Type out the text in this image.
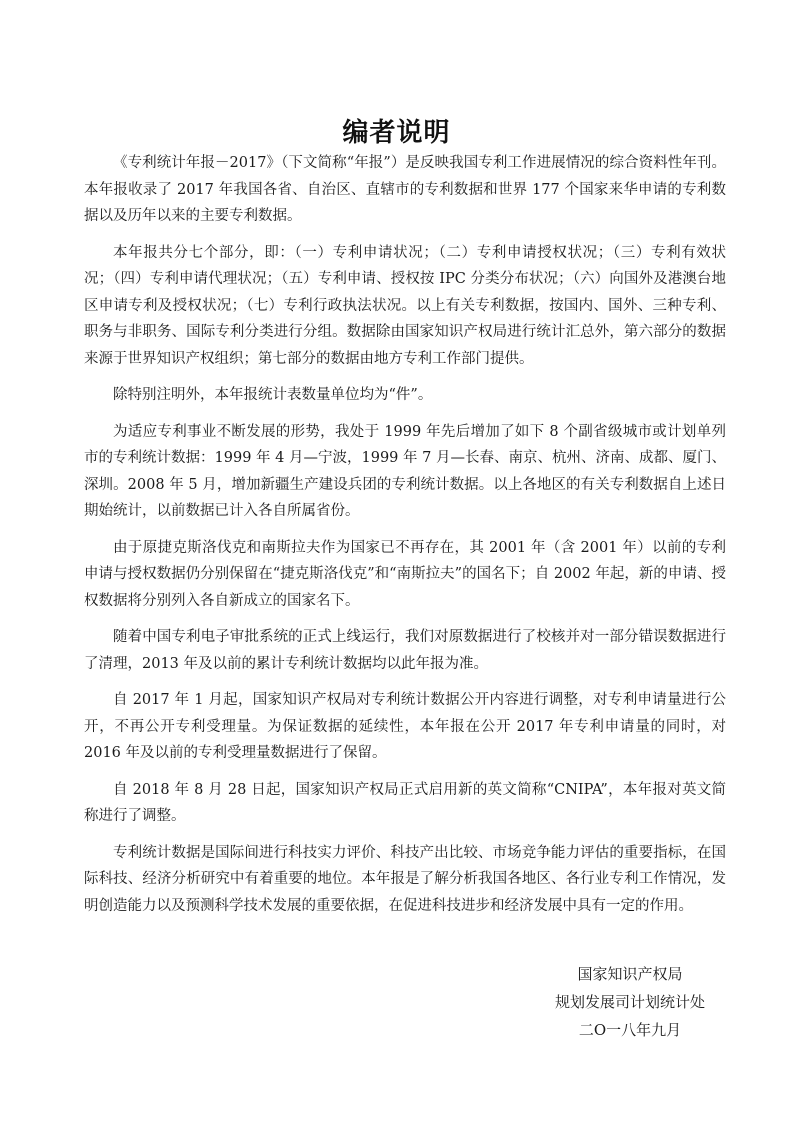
编者说明

《专利统计年报－2017》（下文简称“年报”）是反映我国专利工作进展情况的综合资料性年刊。本年报收录了 2017 年我国各省、自治区、直辖市的专利数据和世界 177 个国家来华申请的专利数据以及历年以来的主要专利数据。

本年报共分七个部分，即：（一）专利申请状况；（二）专利申请授权状况；（三）专利有效状况；（四）专利申请代理状况；（五）专利申请、授权按 IPC 分类分布状况；（六）向国外及港澳台地区申请专利及授权状况；（七）专利行政执法状况。以上有关专利数据，按国内、国外、三种专利、职务与非职务、国际专利分类进行分组。数据除由国家知识产权局进行统计汇总外，第六部分的数据来源于世界知识产权组织；第七部分的数据由地方专利工作部门提供。

除特别注明外，本年报统计表数量单位均为“件”。

为适应专利事业不断发展的形势，我处于 1999 年先后增加了如下 8 个副省级城市或计划单列市的专利统计数据：1999 年 4 月—宁波，1999 年 7 月—长春、南京、杭州、济南、成都、厦门、深圳。2008 年 5 月，增加新疆生产建设兵团的专利统计数据。以上各地区的有关专利数据自上述日期始统计，以前数据已计入各自所属省份。

由于原捷克斯洛伐克和南斯拉夫作为国家已不再存在，其 2001 年（含 2001 年）以前的专利申请与授权数据仍分别保留在“捷克斯洛伐克”和“南斯拉夫”的国名下；自 2002 年起，新的申请、授权数据将分别列入各自新成立的国家名下。

随着中国专利电子审批系统的正式上线运行，我们对原数据进行了校核并对一部分错误数据进行了清理，2013 年及以前的累计专利统计数据均以此年报为准。

自 2017 年 1 月起，国家知识产权局对专利统计数据公开内容进行调整，对专利申请量进行公开，不再公开专利受理量。为保证数据的延续性，本年报在公开 2017 年专利申请量的同时，对 2016 年及以前的专利受理量数据进行了保留。

自 2018 年 8 月 28 日起，国家知识产权局正式启用新的英文简称“CNIPA”，本年报对英文简称进行了调整。

专利统计数据是国际间进行科技实力评价、科技产出比较、市场竞争能力评估的重要指标，在国际科技、经济分析研究中有着重要的地位。本年报是了解分析我国各地区、各行业专利工作情况，发明创造能力以及预测科学技术发展的重要依据，在促进科技进步和经济发展中具有一定的作用。

国家知识产权局
规划发展司计划统计处
二O一八年九月
